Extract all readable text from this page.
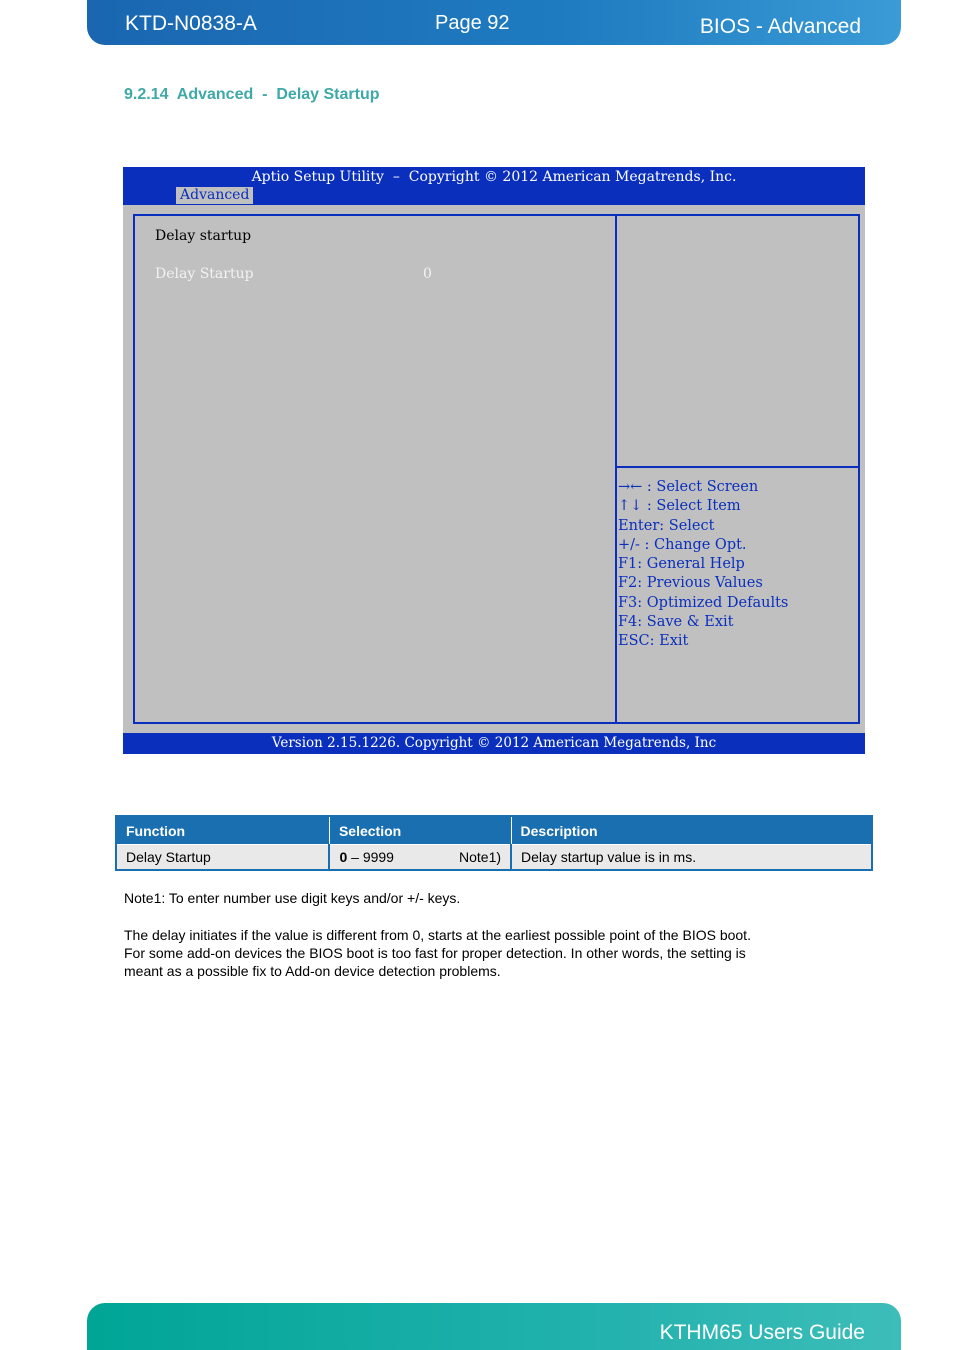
KTD-N0838-A	Page 92	BIOS - Advanced
9.2.14  Advanced  -  Delay Startup
Aptio Setup Utility  –  Copyright © 2012 American Megatrends, Inc.
Advanced
Delay startup
Delay Startup	0
→← : Select Screen
↑↓ : Select Item
Enter: Select
+/- : Change Opt.
F1: General Help
F2: Previous Values
F3: Optimized Defaults
F4: Save & Exit
ESC: Exit
Version 2.15.1226. Copyright © 2012 American Megatrends, Inc
Function	Selection	Description
Delay Startup	0 – 9999 Note1)	Delay startup value is in ms.
Note1: To enter number use digit keys and/or +/- keys.
The delay initiates if the value is different from 0, starts at the earliest possible point of the BIOS boot.
For some add-on devices the BIOS boot is too fast for proper detection. In other words, the setting is
meant as a possible fix to Add-on device detection problems.
KTHM65 Users Guide
